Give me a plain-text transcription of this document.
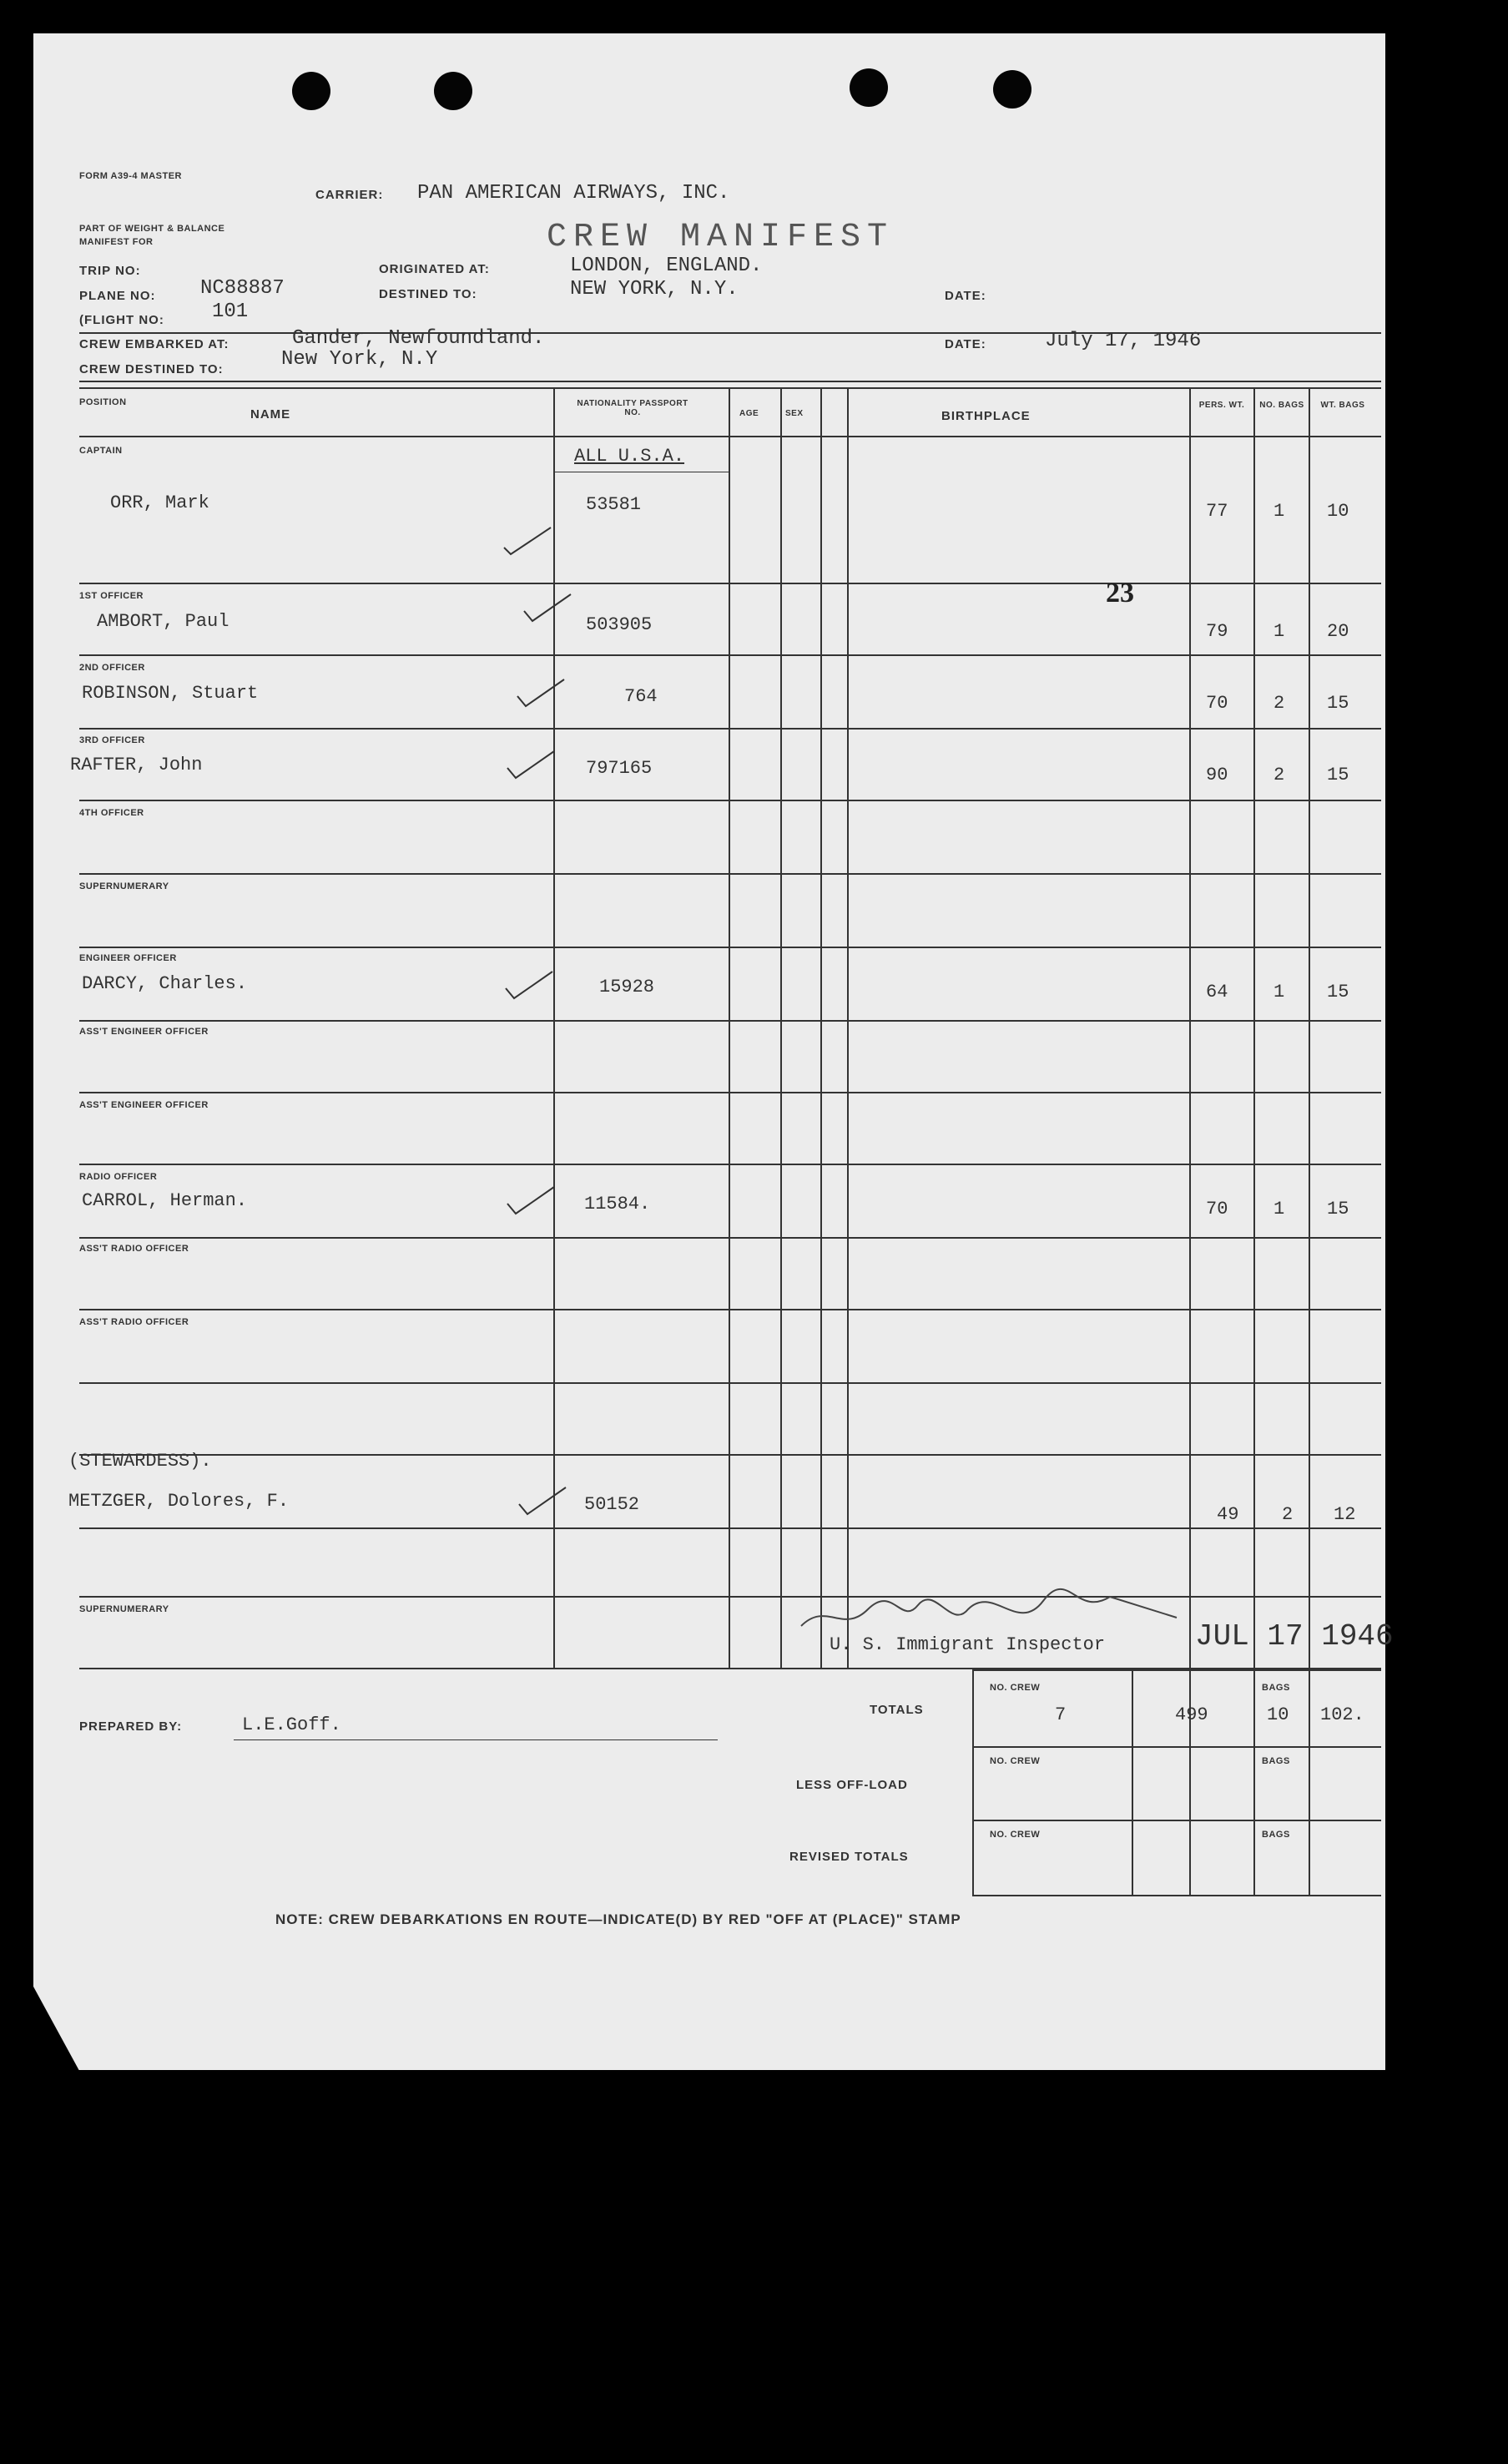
FORM A39-4 MASTER
CARRIER: PAN AMERICAN AIRWAYS, INC.
PART OF WEIGHT & BALANCE
MANIFEST FOR	CREW MANIFEST
TRIP NO:	ORIGINATED AT:	LONDON, ENGLAND.
PLANE NO: NC88887	DESTINED TO:	NEW YORK, N.Y.	DATE:
(FLIGHT NO: 101
CREW EMBARKED AT:	Gander, Newfoundland.	DATE:	July 17, 1946
CREW DESTINED TO:	New York, N.Y
POSITION
NAME
NATIONALITY PASSPORT NO.	AGE	SEX	BIRTHPLACE
PERS. WT. NO. BAGS	WT. BAGS
ALL U.S.A.
CAPTAIN
ORR, Mark	53581	77 1 10
1ST OFFICER
AMBORT, Paul	503905	79 1 20
23
2ND OFFICER
ROBINSON, Stuart	764	70 2 15
3RD OFFICER
RAFTER, John	797165	90 2 15
4TH OFFICER
SUPERNUMERARY
ENGINEER OFFICER
DARCY, Charles.	15928	64 1 15
ASS'T ENGINEER OFFICER
ASS'T ENGINEER OFFICER
RADIO OFFICER
CARROL, Herman.	11584.	70 1 15
ASS'T RADIO OFFICER
ASS'T RADIO OFFICER
(STEWARDESS).
METZGER, Dolores, F.	50152	49 2 12
SUPERNUMERARY
U. S. Immigrant Inspector	JUL 17 1946
PREPARED BY:	L.E.Goff.
TOTALS
LESS OFF-LOAD
REVISED TOTALS
NO. CREW
NO. CREW
NO. CREW
BAGS
BAGS
BAGS
7	499	10 102.
NOTE: CREW DEBARKATIONS EN ROUTE—INDICATE(D) BY RED "OFF AT (PLACE)" STAMP
